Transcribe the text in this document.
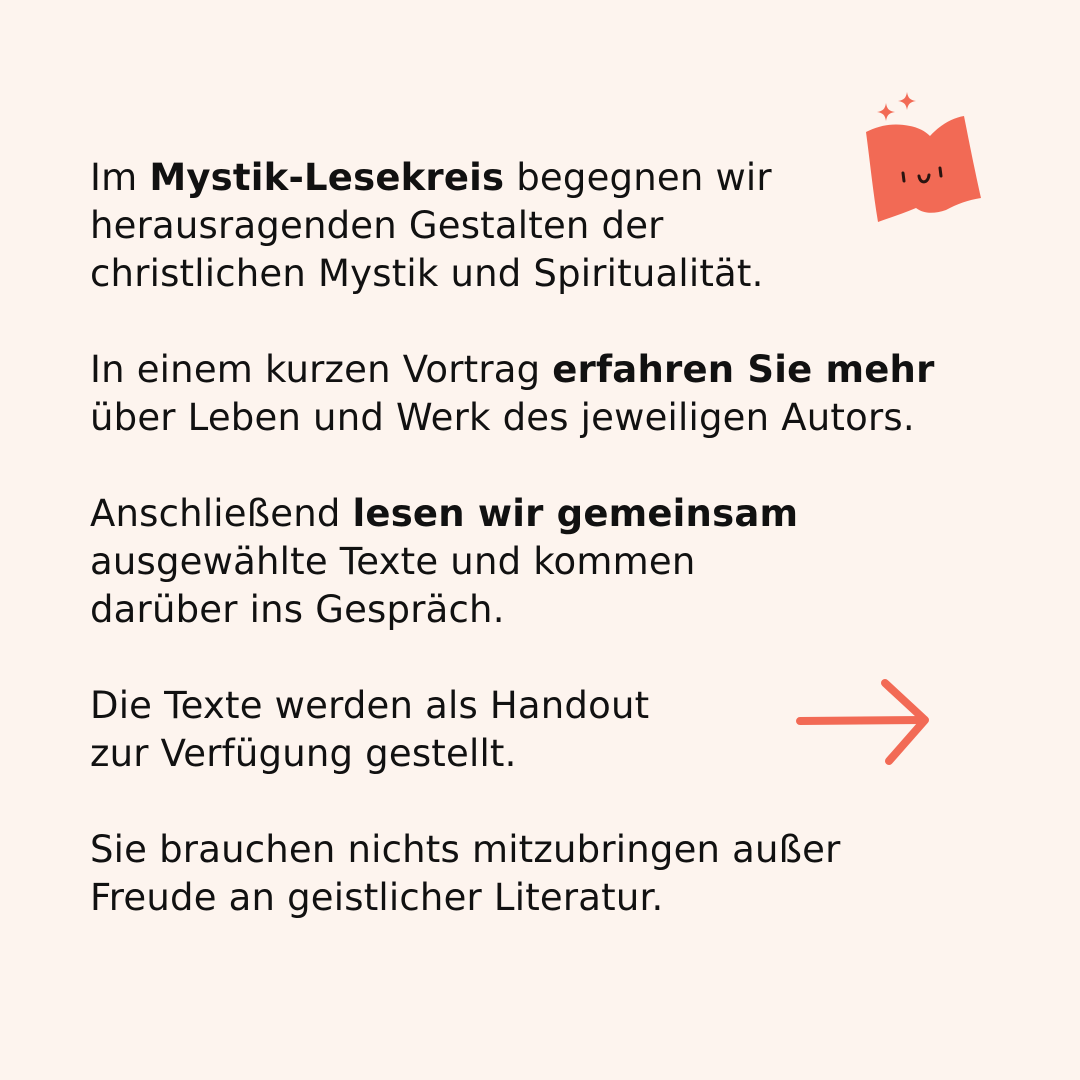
Im Mystik-Lesekreis begegnen wir
herausragenden Gestalten der
christlichen Mystik und Spiritualität.

In einem kurzen Vortrag erfahren Sie mehr
über Leben und Werk des jeweiligen Autors.

Anschließend lesen wir gemeinsam
ausgewählte Texte und kommen
darüber ins Gespräch.

Die Texte werden als Handout
zur Verfügung gestellt.

Sie brauchen nichts mitzubringen außer
Freude an geistlicher Literatur.
